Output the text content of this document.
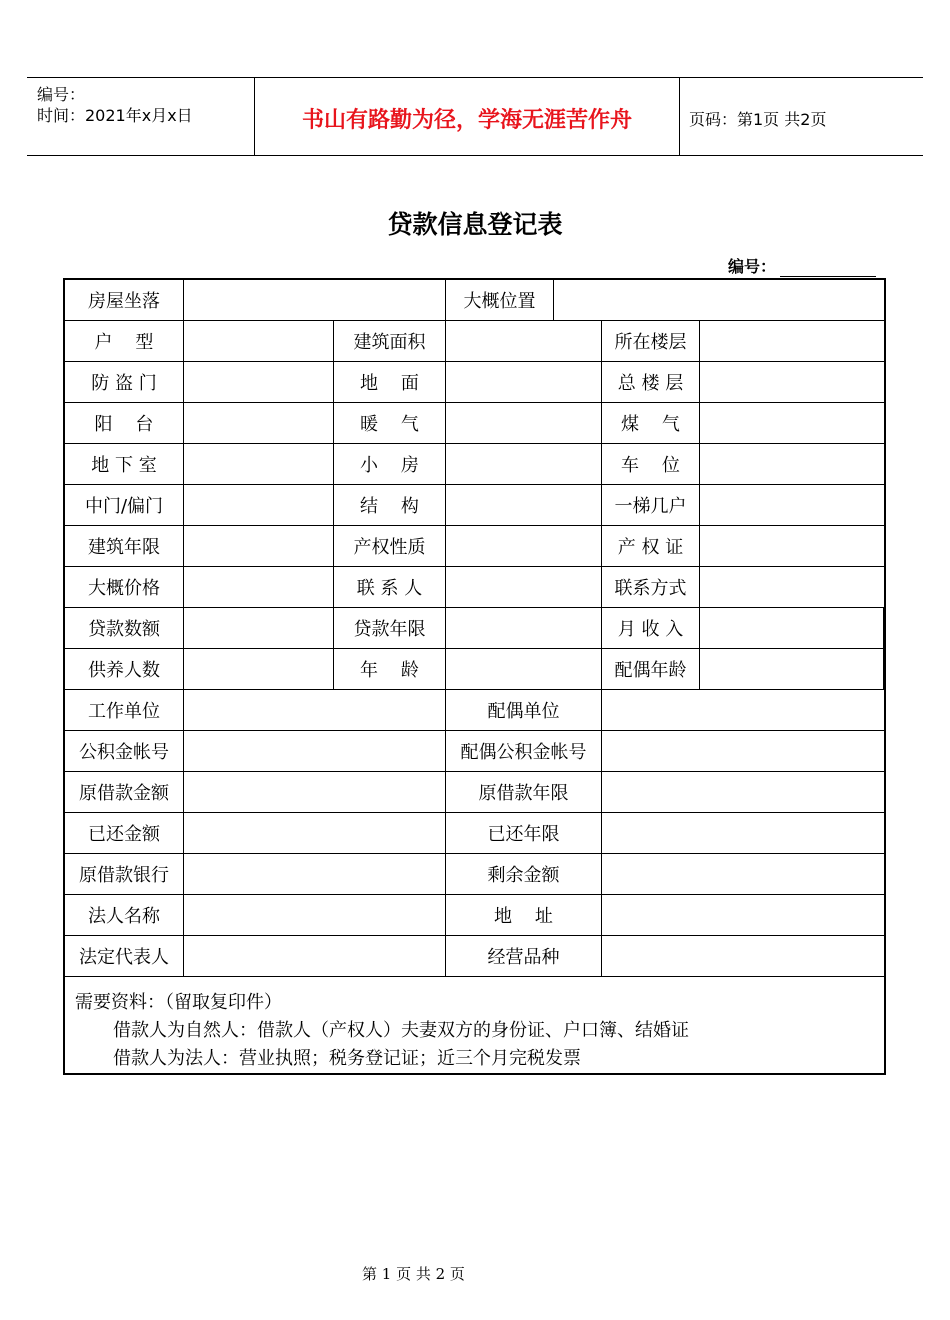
编号：
时间：2021年x月x日	书山有路勤为径，学海无涯苦作舟	页码：第1页 共2页
贷款信息登记表
编号：
房屋坐落	大概位置
户    型	建筑面积	所在楼层
防 盗 门	地    面	总 楼 层
阳    台	暖    气	煤    气
地 下 室	小    房	车    位
中门/偏门	结    构	一梯几户
建筑年限	产权性质	产 权 证
大概价格	联 系 人	联系方式
贷款数额	贷款年限	月 收 入
供养人数	年    龄	配偶年龄
工作单位	配偶单位
公积金帐号	配偶公积金帐号
原借款金额	原借款年限
已还金额	已还年限
原借款银行	剩余金额
法人名称	地    址
法定代表人	经营品种
需要资料：（留取复印件）
借款人为自然人：借款人（产权人）夫妻双方的身份证、户口簿、结婚证
借款人为法人：营业执照；税务登记证；近三个月完税发票
第 1 页 共 2 页
